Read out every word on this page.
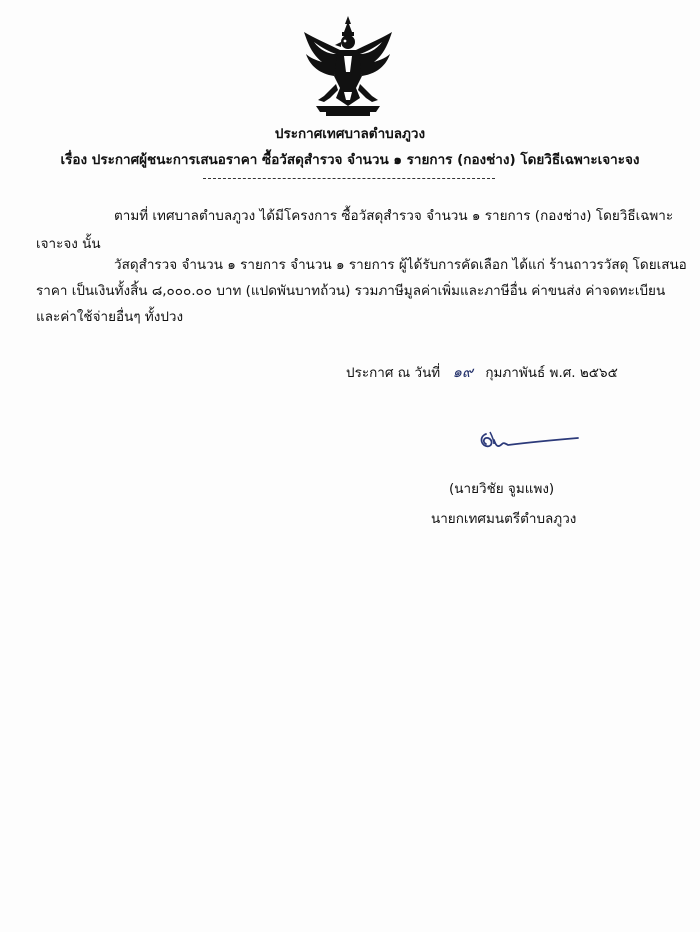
ประกาศเทศบาลตำบลภูวง
เรื่อง ประกาศผู้ชนะการเสนอราคา ซื้อวัสดุสำรวจ จำนวน ๑ รายการ (กองช่าง) โดยวิธีเฉพาะเจาะจง
ตามที่ เทศบาลตำบลภูวง ได้มีโครงการ ซื้อวัสดุสำรวจ จำนวน ๑ รายการ (กองช่าง) โดยวิธีเฉพาะ
เจาะจง นั้น
วัสดุสำรวจ จำนวน ๑ รายการ จำนวน ๑ รายการ ผู้ได้รับการคัดเลือก ได้แก่ ร้านถาวรวัสดุ โดยเสนอ
ราคา เป็นเงินทั้งสิ้น ๘,๐๐๐.๐๐ บาท (แปดพันบาทถ้วน) รวมภาษีมูลค่าเพิ่มและภาษีอื่น ค่าขนส่ง ค่าจดทะเบียน
และค่าใช้จ่ายอื่นๆ ทั้งปวง
ประกาศ ณ วันที่ ๑๙ กุมภาพันธ์ พ.ศ. ๒๕๖๕
(นายวิชัย จูมแพง)
นายกเทศมนตรีตำบลภูวง
